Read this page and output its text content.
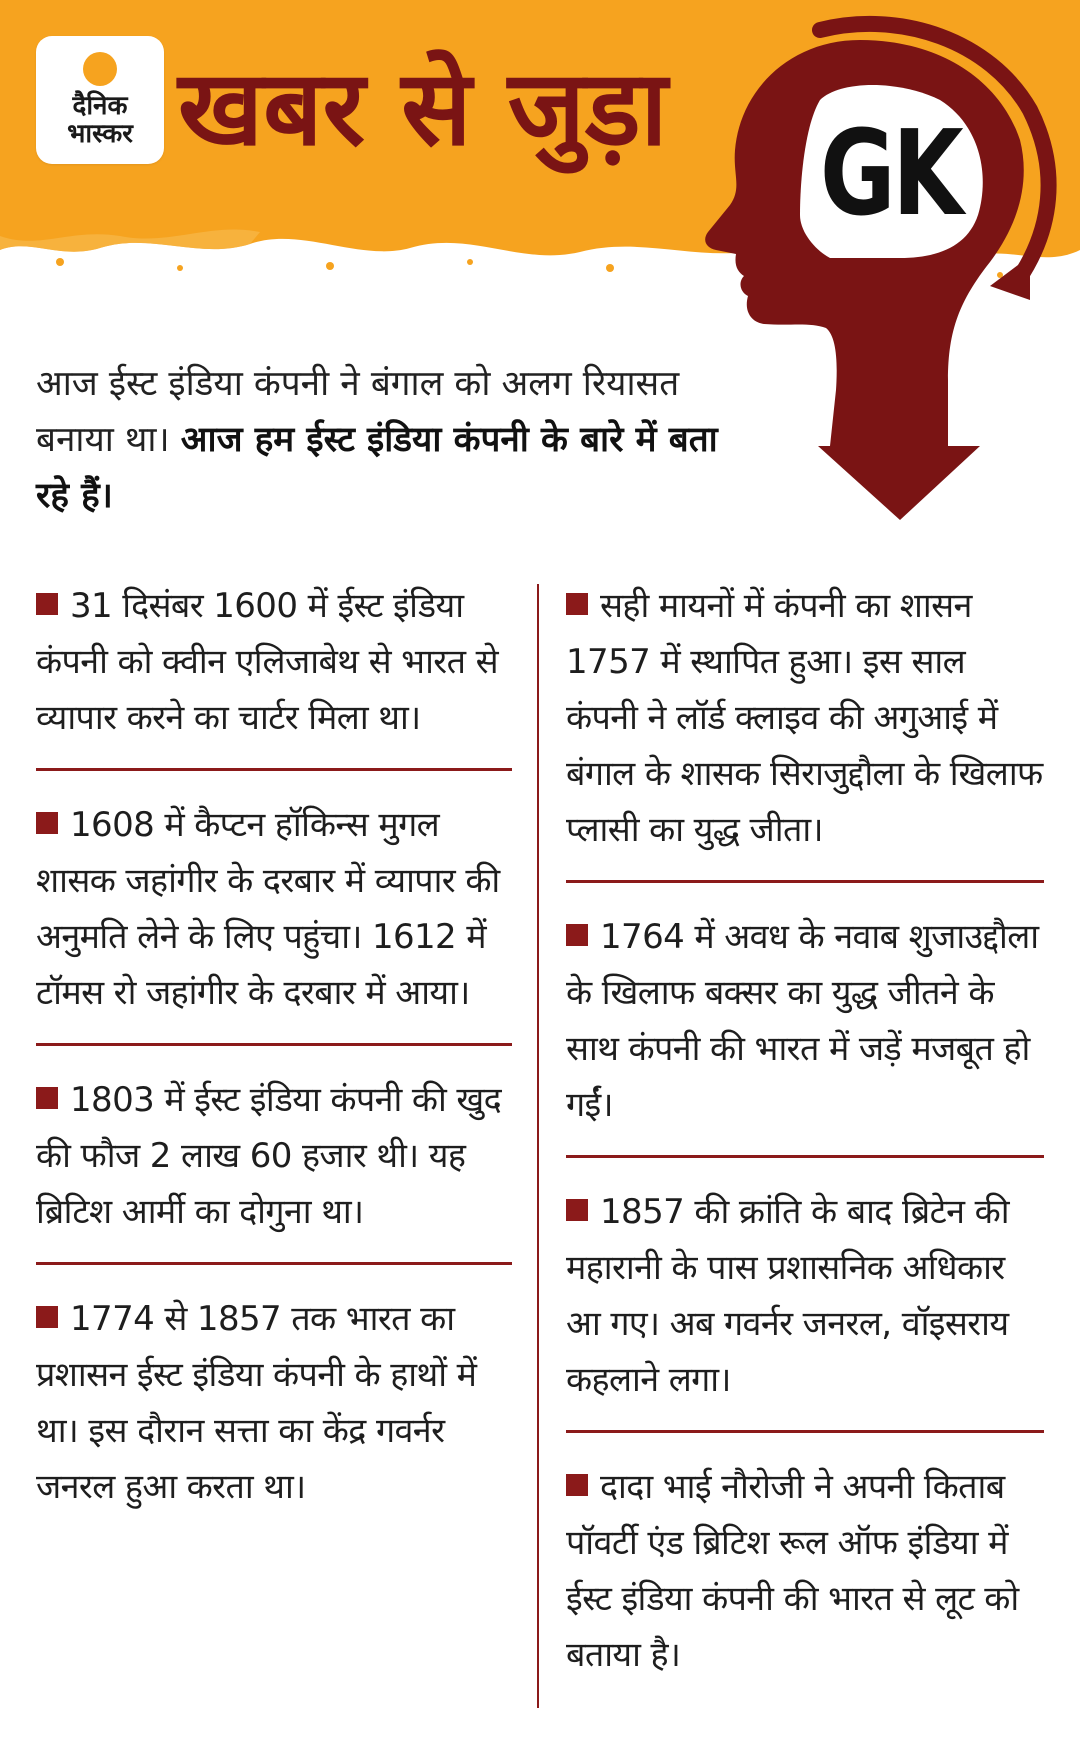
दैनिक
भास्कर खबर से जुड़ा GK
आज ईस्ट इंडिया कंपनी ने बंगाल को अलग रियासत बनाया था। आज हम ईस्ट इंडिया कंपनी के बारे में बता रहे हैं।

31 दिसंबर 1600 में ईस्ट इंडिया कंपनी को क्वीन एलिजाबेथ से भारत से व्यापार करने का चार्टर मिला था।

1608 में कैप्टन हॉकिन्स मुगल शासक जहांगीर के दरबार में व्यापार की अनुमति लेने के लिए पहुंचा। 1612 में टॉमस रो जहांगीर के दरबार में आया।

1803 में ईस्ट इंडिया कंपनी की खुद की फौज 2 लाख 60 हजार थी। यह ब्रिटिश आर्मी का दोगुना था।

1774 से 1857 तक भारत का प्रशासन ईस्ट इंडिया कंपनी के हाथों में था। इस दौरान सत्ता का केंद्र गवर्नर जनरल हुआ करता था।

सही मायनों में कंपनी का शासन 1757 में स्थापित हुआ। इस साल कंपनी ने लॉर्ड क्लाइव की अगुआई में बंगाल के शासक सिराजुद्दौला के खिलाफ प्लासी का युद्ध जीता।

1764 में अवध के नवाब शुजाउद्दौला के खिलाफ बक्सर का युद्ध जीतने के साथ कंपनी की भारत में जड़ें मजबूत हो गईं।

1857 की क्रांति के बाद ब्रिटेन की महारानी के पास प्रशासनिक अधिकार आ गए। अब गवर्नर जनरल, वॉइसराय कहलाने लगा।

दादा भाई नौरोजी ने अपनी किताब पॉवर्टी एंड ब्रिटिश रूल ऑफ इंडिया में ईस्ट इंडिया कंपनी की भारत से लूट को बताया है।
